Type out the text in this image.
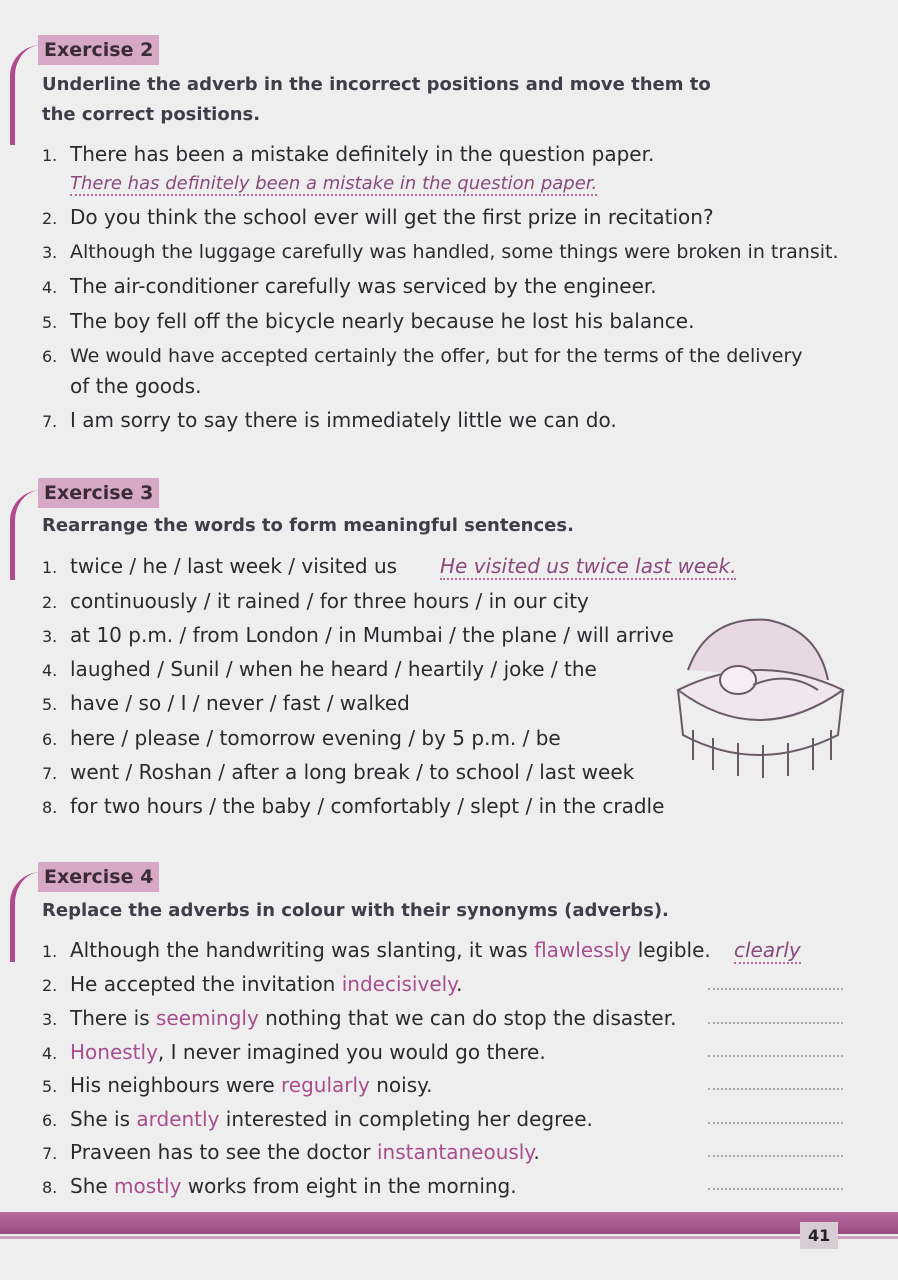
Exercise 2
Underline the adverb in the incorrect positions and move them to the correct positions.
1. There has been a mistake definitely in the question paper.
There has definitely been a mistake in the question paper.
2. Do you think the school ever will get the first prize in recitation?
3. Although the luggage carefully was handled, some things were broken in transit.
4. The air-conditioner carefully was serviced by the engineer.
5. The boy fell off the bicycle nearly because he lost his balance.
6. We would have accepted certainly the offer, but for the terms of the delivery
of the goods.
7. I am sorry to say there is immediately little we can do.
Exercise 3
Rearrange the words to form meaningful sentences.
1. twice / he / last week / visited us He visited us twice last week.
2. continuously / it rained / for three hours / in our city
3. at 10 p.m. / from London / in Mumbai / the plane / will arrive
4. laughed / Sunil / when he heard / heartily / joke / the
5. have / so / I / never / fast / walked
6. here / please / tomorrow evening / by 5 p.m. / be
7. went / Roshan / after a long break / to school / last week
8. for two hours / the baby / comfortably / slept / in the cradle
Exercise 4
Replace the adverbs in colour with their synonyms (adverbs).
1. Although the handwriting was slanting, it was flawlessly legible. clearly
2. He accepted the invitation indecisively.
3. There is seemingly nothing that we can do stop the disaster.
4. Honestly, I never imagined you would go there.
5. His neighbours were regularly noisy.
6. She is ardently interested in completing her degree.
7. Praveen has to see the doctor instantaneously.
8. She mostly works from eight in the morning.
41
